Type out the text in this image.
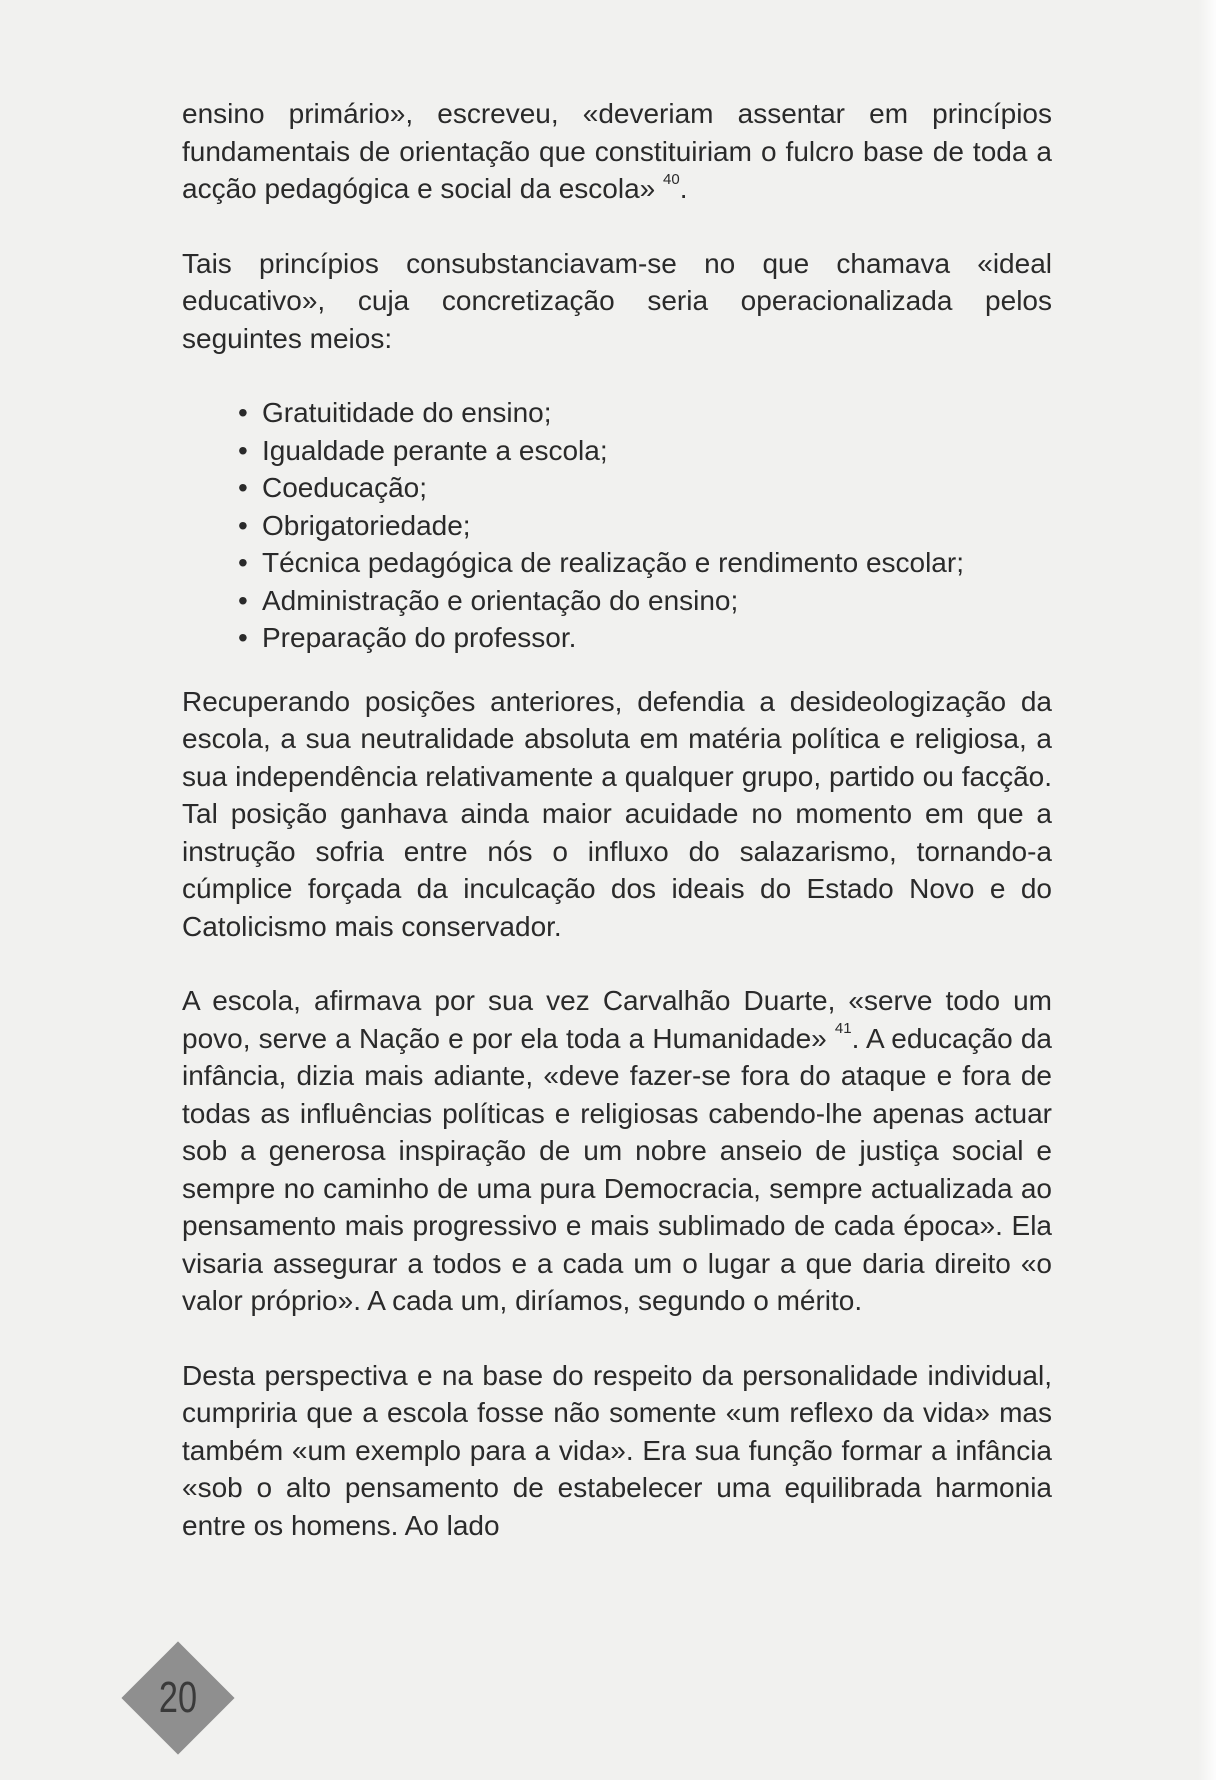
ensino primário», escreveu, «deveriam assentar em princípios fundamentais de orientação que constituiriam o fulcro base de toda a acção pedagógica e social da escola» $^{40}$.

Tais princípios consubstanciavam-se no que chamava «ideal educativo», cuja concretização seria operacionalizada pelos seguintes meios:

• Gratuitidade do ensino;
• Igualdade perante a escola;
• Coeducação;
• Obrigatoriedade;
• Técnica pedagógica de realização e rendimento escolar;
• Administração e orientação do ensino;
• Preparação do professor.

Recuperando posições anteriores, defendia a desideologização da escola, a sua neutralidade absoluta em matéria política e religiosa, a sua independência relativamente a qualquer grupo, partido ou facção. Tal posição ganhava ainda maior acuidade no momento em que a instrução sofria entre nós o influxo do salazarismo, tornando-a cúmplice forçada da inculcação dos ideais do Estado Novo e do Catolicismo mais conservador.

A escola, afirmava por sua vez Carvalhão Duarte, «serve todo um povo, serve a Nação e por ela toda a Humanidade» $^{41}$. A educação da infância, dizia mais adiante, «deve fazer-se fora do ataque e fora de todas as influências políticas e religiosas cabendo-lhe apenas actuar sob a generosa inspiração de um nobre anseio de justiça social e sempre no caminho de uma pura Democracia, sempre actualizada ao pensamento mais progressivo e mais sublimado de cada época». Ela visaria assegurar a todos e a cada um o lugar a que daria direito «o valor próprio». A cada um, diríamos, segundo o mérito.

Desta perspectiva e na base do respeito da personalidade individual, cumpriria que a escola fosse não somente «um reflexo da vida» mas também «um exemplo para a vida». Era sua função formar a infância «sob o alto pensamento de estabelecer uma equilibrada harmonia entre os homens. Ao lado

20
